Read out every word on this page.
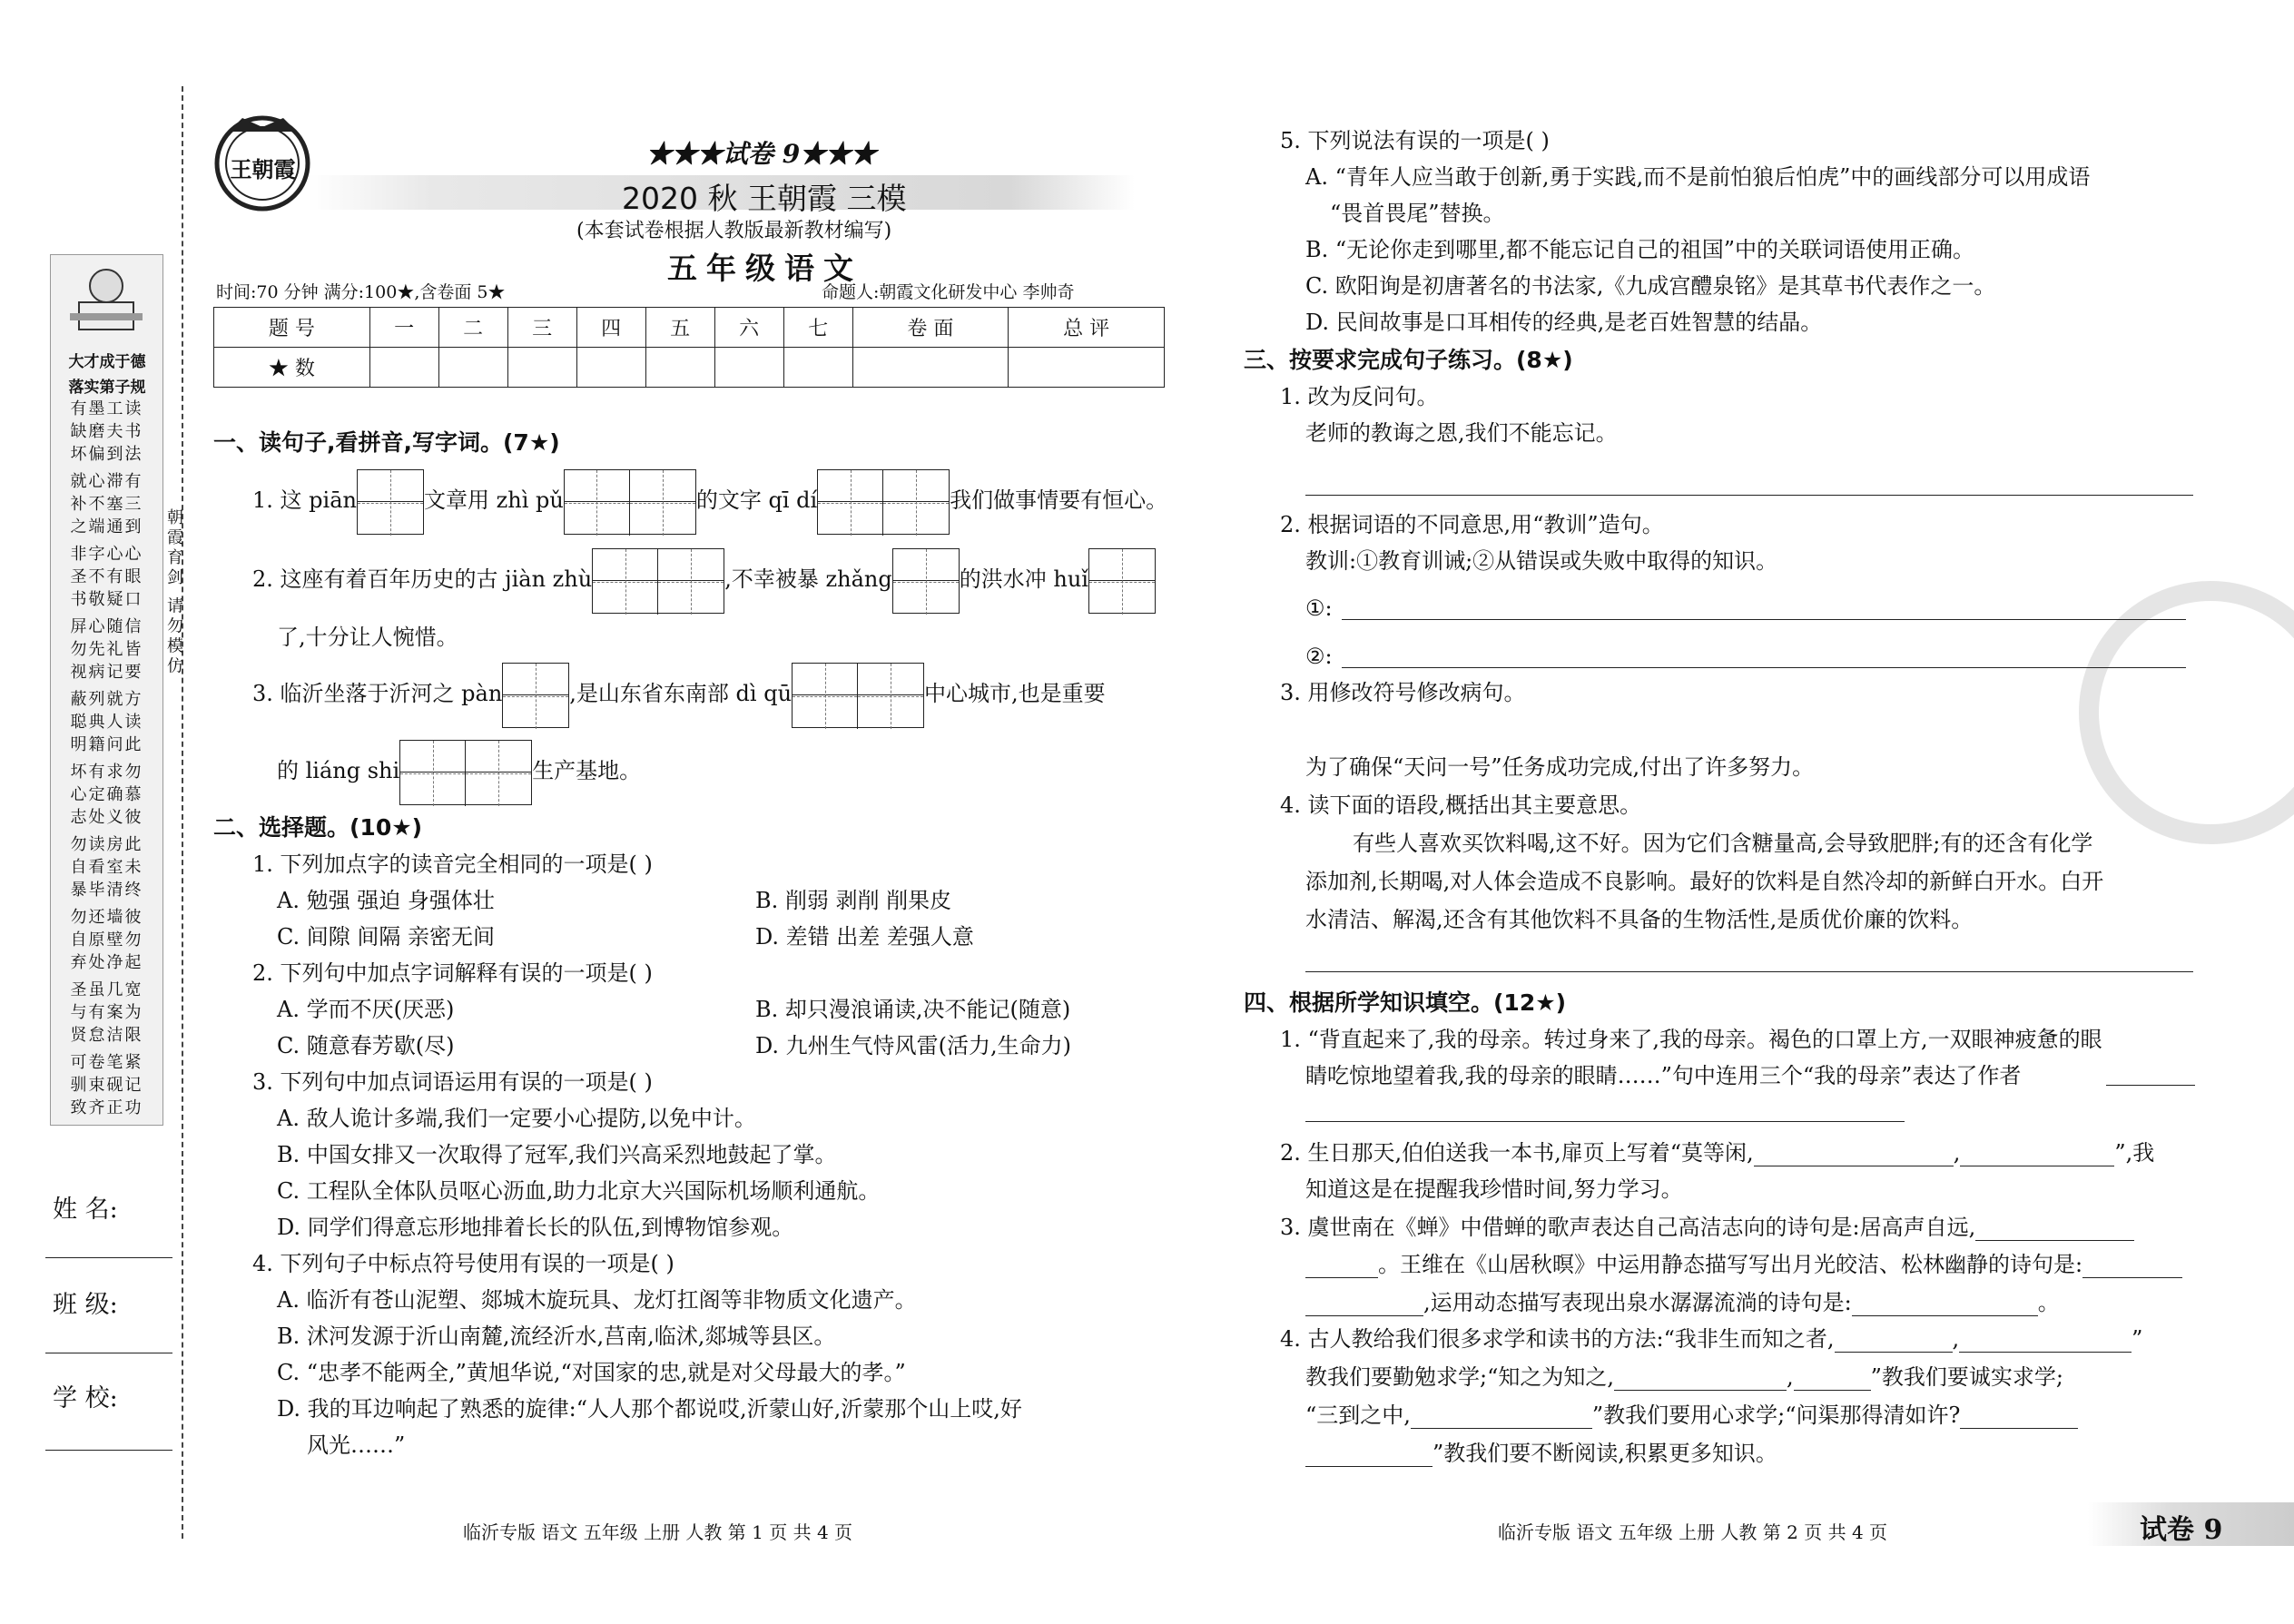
大才成于德
落实第子规
有墨工读
缺磨夫书
坏偏到法
就心滞有
补不塞三
之端通到
非字心心
圣不有眼
书敬疑口
屏心随信
勿先礼皆
视病记要
蔽列就方
聪典人读
明籍问此
坏有求勿
心定确慕
志处义彼
勿读房此
自看室未
暴毕清终
勿还墙彼
自原壁勿
弃处净起
圣虽几宽
与有案为
贤怠洁限
可卷笔紧
驯束砚记
致齐正功
朝霞育剑 请勿模仿
姓 名:
班 级:
学 校:
王朝霞
★★★试卷 9★★★
2020 秋 王朝霞 三模
(本套试卷根据人教版最新教材编写)
五年级语文
时间:70 分钟 满分:100★,含卷面 5★	命题人:朝霞文化研发中心 李帅奇
题 号	一	二	三	四	五	六	七	卷 面	总 评
★ 数									
一、读句子,看拼音,写字词。(7★)
1. 这 piān	文章用 zhì pǔ	的文字 qī dí	我们做事情要有恒心。
2. 这座有着百年历史的古 jiàn zhù	,不幸被暴 zhǎng	的洪水冲 huǐ
了,十分让人惋惜。
3. 临沂坐落于沂河之 pàn	,是山东省东南部 dì qū	中心城市,也是重要
的 liáng shi	生产基地。
二、选择题。(10★)
1. 下列加点字的读音完全相同的一项是( )
A. 勉强 强迫 身强体壮	B. 削弱 剥削 削果皮
C. 间隙 间隔 亲密无间	D. 差错 出差 差强人意
2. 下列句中加点字词解释有误的一项是( )
A. 学而不厌(厌恶)	B. 却只漫浪诵读,决不能记(随意)
C. 随意春芳歇(尽)	D. 九州生气恃风雷(活力,生命力)
3. 下列句中加点词语运用有误的一项是( )
A. 敌人诡计多端,我们一定要小心提防,以免中计。
B. 中国女排又一次取得了冠军,我们兴高采烈地鼓起了掌。
C. 工程队全体队员呕心沥血,助力北京大兴国际机场顺利通航。
D. 同学们得意忘形地排着长长的队伍,到博物馆参观。
4. 下列句子中标点符号使用有误的一项是( )
A. 临沂有苍山泥塑、郯城木旋玩具、龙灯扛阁等非物质文化遗产。
B. 沭河发源于沂山南麓,流经沂水,莒南,临沭,郯城等县区。
C. “忠孝不能两全,”黄旭华说,“对国家的忠,就是对父母最大的孝。”
D. 我的耳边响起了熟悉的旋律:“人人那个都说哎,沂蒙山好,沂蒙那个山上哎,好
风光……”
临沂专版 语文 五年级 上册 人教 第 1 页 共 4 页
5. 下列说法有误的一项是( )
A. “青年人应当敢于创新,勇于实践,而不是前怕狼后怕虎”中的画线部分可以用成语
“畏首畏尾”替换。
B. “无论你走到哪里,都不能忘记自己的祖国”中的关联词语使用正确。
C. 欧阳询是初唐著名的书法家,《九成宫醴泉铭》是其草书代表作之一。
D. 民间故事是口耳相传的经典,是老百姓智慧的结晶。
三、按要求完成句子练习。(8★)
1. 改为反问句。
老师的教诲之恩,我们不能忘记。
2. 根据词语的不同意思,用“教训”造句。
教训:①教育训诫;②从错误或失败中取得的知识。
①:
②:
3. 用修改符号修改病句。
为了确保“天问一号”任务成功完成,付出了许多努力。
4. 读下面的语段,概括出其主要意思。
有些人喜欢买饮料喝,这不好。因为它们含糖量高,会导致肥胖;有的还含有化学
添加剂,长期喝,对人体会造成不良影响。最好的饮料是自然冷却的新鲜白开水。白开
水清洁、解渴,还含有其他饮料不具备的生物活性,是质优价廉的饮料。
四、根据所学知识填空。(12★)
1. “背直起来了,我的母亲。转过身来了,我的母亲。褐色的口罩上方,一双眼神疲惫的眼
睛吃惊地望着我,我的母亲的眼睛……”句中连用三个“我的母亲”表达了作者
2. 生日那天,伯伯送我一本书,扉页上写着“莫等闲,	,	”,我
知道这是在提醒我珍惜时间,努力学习。
3. 虞世南在《蝉》中借蝉的歌声表达自己高洁志向的诗句是:居高声自远,
。王维在《山居秋暝》中运用静态描写写出月光皎洁、松林幽静的诗句是:
,运用动态描写表现出泉水潺潺流淌的诗句是:	。
4. 古人教给我们很多求学和读书的方法:“我非生而知之者,	,	”
教我们要勤勉求学;“知之为知之,	,	”教我们要诚实求学;
“三到之中,	”教我们要用心求学;“问渠那得清如许?
”教我们要不断阅读,积累更多知识。
临沂专版 语文 五年级 上册 人教 第 2 页 共 4 页	试卷 9
